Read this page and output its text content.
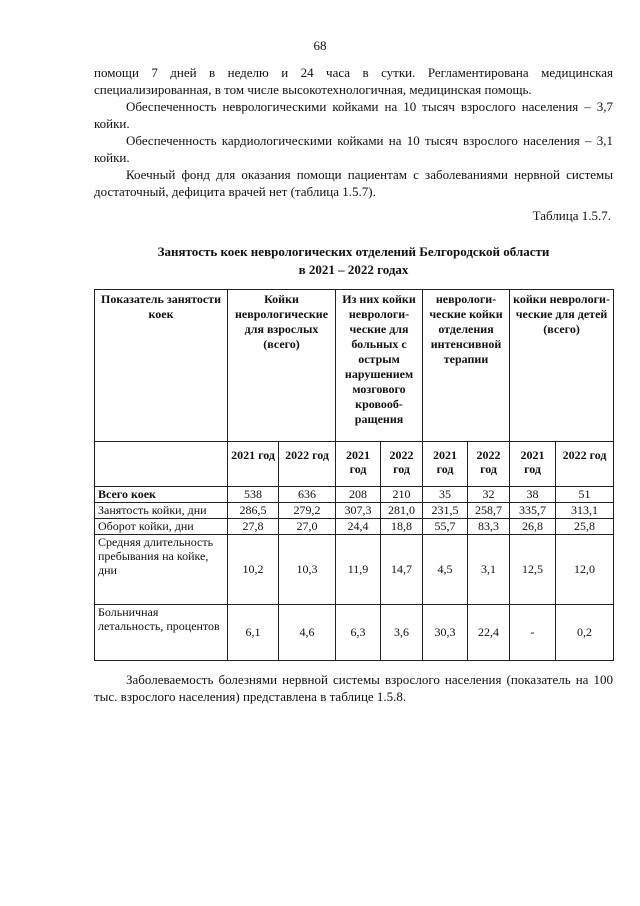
68

помощи 7 дней в неделю и 24 часа в сутки. Регламентирована медицинская специализированная, в том числе высокотехнологичная, медицинская помощь.

Обеспеченность неврологическими койками на 10 тысяч взрослого населения – 3,7 койки.

Обеспеченность кардиологическими койками на 10 тысяч взрослого населения – 3,1 койки.

Коечный фонд для оказания помощи пациентам с заболеваниями нервной системы достаточный, дефицита врачей нет (таблица 1.5.7).

Таблица 1.5.7.
Занятость коек неврологических отделений Белгородской области
в 2021 – 2022 годах
Показатель занятости коек	Койки неврологические для взрослых (всего)		Из них койки неврологи-ческие для больных с острым нарушением мозгового кровооб-ращения		неврологи-ческие койки отделения интенсивной терапии		койки неврологи-ческие для детей (всего)	
	2021 год	2022 год	2021 год	2022 год	2021 год	2022 год	2021 год	2022 год
Всего коек	538	636	208	210	35	32	38	51
Занятость койки, дни	286,5	279,2	307,3	281,0	231,5	258,7	335,7	313,1
Оборот койки, дни	27,8	27,0	24,4	18,8	55,7	83,3	26,8	25,8
Средняя длительность пребывания на койке, дни	10,2	10,3	11,9	14,7	4,5	3,1	12,5	12,0
Больничная летальность, процентов	6,1	4,6	6,3	3,6	30,3	22,4	-	0,2

Заболеваемость болезнями нервной системы взрослого населения (показатель на 100 тыс. взрослого населения) представлена в таблице 1.5.8.
